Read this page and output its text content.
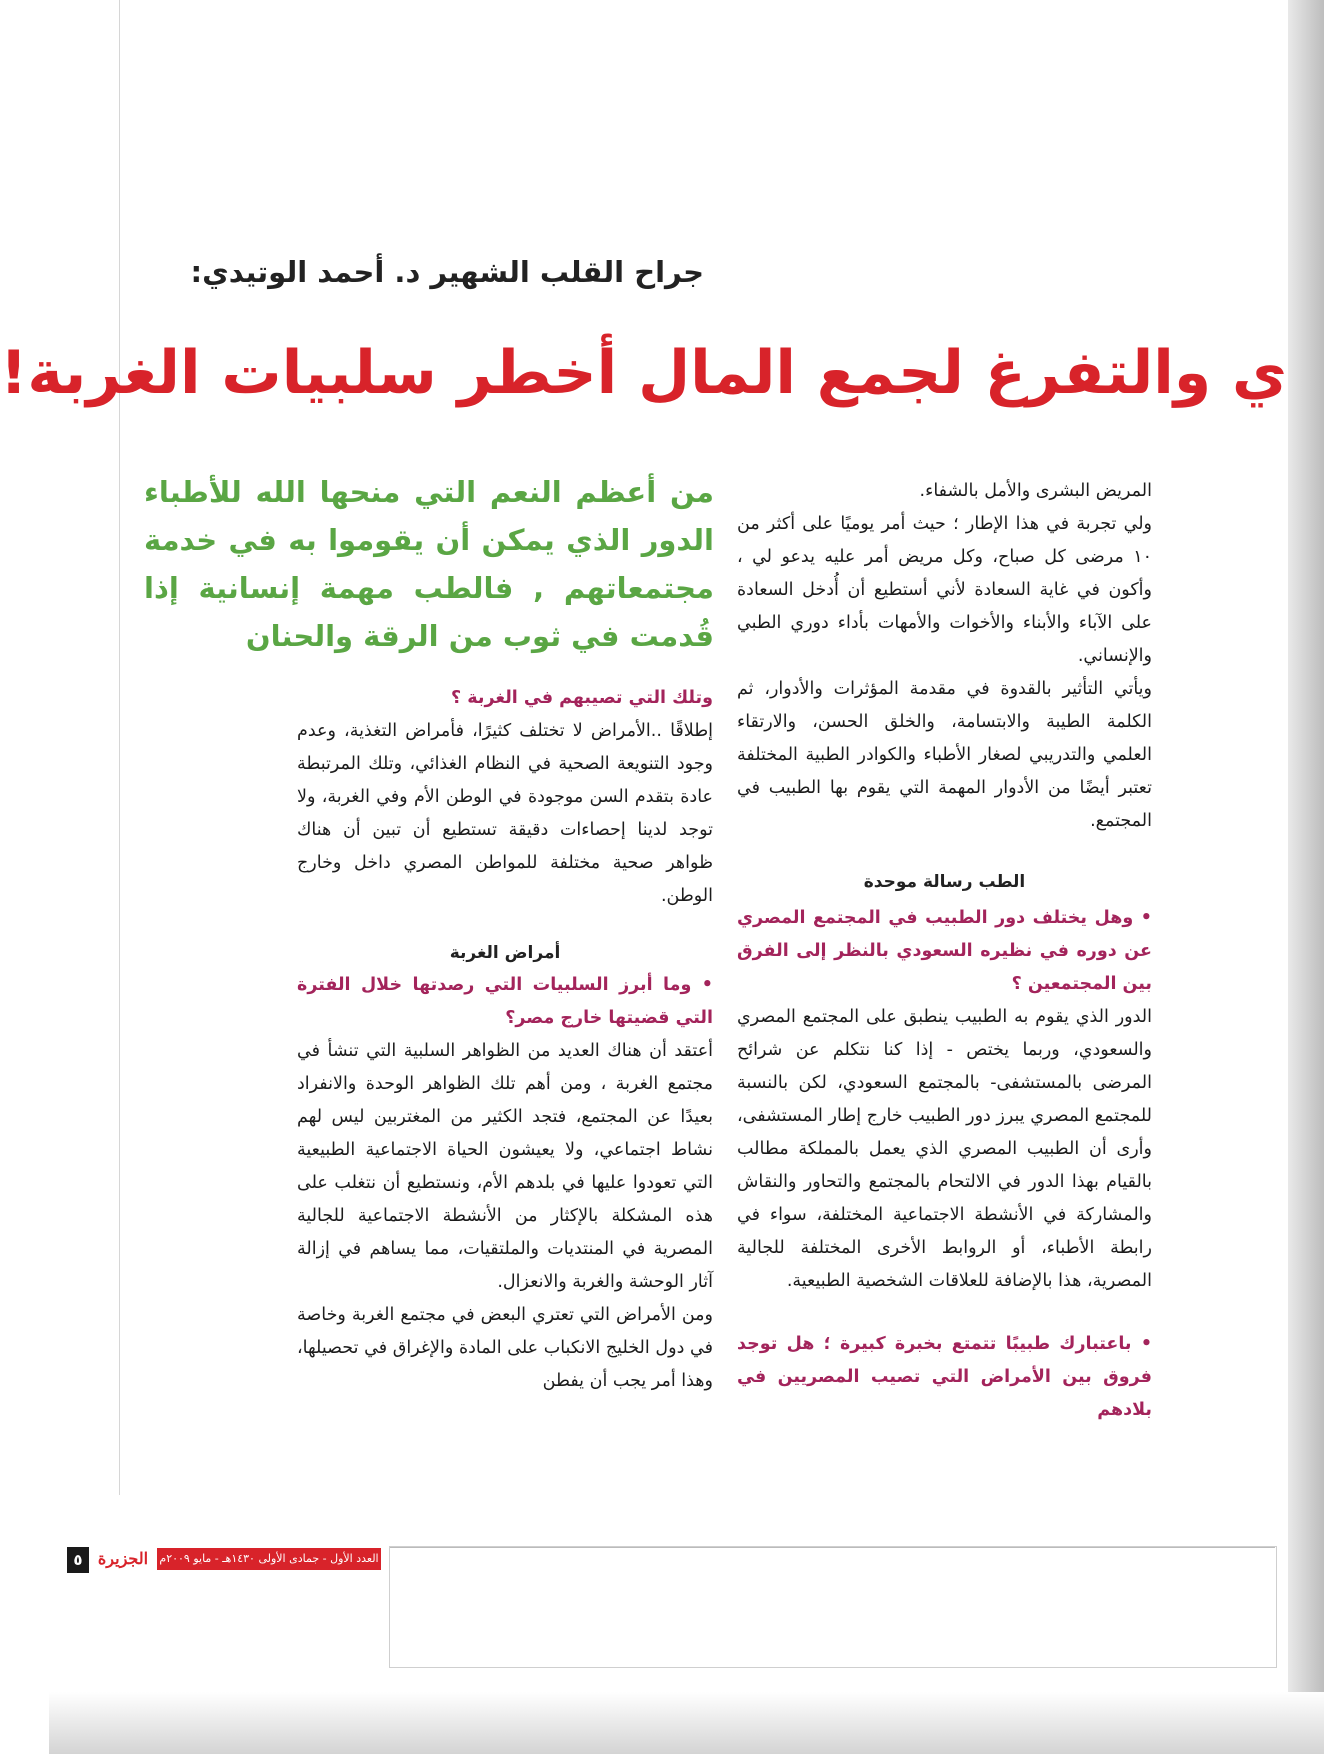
جراح القلب الشهير د. أحمد الوتيدي:
ي والتفرغ لجمع المال أخطر سلبيات الغربة!
من أعظم النعم التي منحها الله للأطباء الدور الذي يمكن أن يقوموا به في خدمة مجتمعاتهم , فالطب مهمة إنسانية إذا قُدمت في ثوب من الرقة والحنان

المريض البشرى والأمل بالشفاء.

ولي تجربة في هذا الإطار ؛ حيث أمر يوميًا على أكثر من ١٠ مرضى كل صباح، وكل مريض أمر عليه يدعو لي ، وأكون في غاية السعادة لأني أستطيع أن أُدخل السعادة على الآباء والأبناء والأخوات والأمهات بأداء دوري الطبي والإنساني.

ويأتي التأثير بالقدوة في مقدمة المؤثرات والأدوار، ثم الكلمة الطيبة والابتسامة، والخلق الحسن، والارتقاء العلمي والتدريبي لصغار الأطباء والكوادر الطبية المختلفة تعتبر أيضًا من الأدوار المهمة التي يقوم بها الطبيب في المجتمع.

الطب رسالة موحدة

• وهل يختلف دور الطبيب في المجتمع المصري عن دوره في نظيره السعودي بالنظر إلى الفرق بين المجتمعين ؟

الدور الذي يقوم به الطبيب ينطبق على المجتمع المصري والسعودي، وربما يختص - إذا كنا نتكلم عن شرائح المرضى بالمستشفى- بالمجتمع السعودي، لكن بالنسبة للمجتمع المصري يبرز دور الطبيب خارج إطار المستشفى، وأرى أن الطبيب المصري الذي يعمل بالمملكة مطالب بالقيام بهذا الدور في الالتحام بالمجتمع والتحاور والنقاش والمشاركة في الأنشطة الاجتماعية المختلفة، سواء في رابطة الأطباء، أو الروابط الأخرى المختلفة للجالية المصرية، هذا بالإضافة للعلاقات الشخصية الطبيعية.

• باعتبارك طبيبًا تتمتع بخبرة كبيرة ؛ هل توجد فروق بين الأمراض التي تصيب المصريين في بلادهم

وتلك التي تصيبهم في الغربة ؟

إطلاقًا ..الأمراض لا تختلف كثيرًا، فأمراض التغذية، وعدم وجود التنويعة الصحية في النظام الغذائي، وتلك المرتبطة عادة بتقدم السن موجودة في الوطن الأم وفي الغربة، ولا توجد لدينا إحصاءات دقيقة تستطيع أن تبين أن هناك ظواهر صحية مختلفة للمواطن المصري داخل وخارج الوطن.

أمراض الغربة

• وما أبرز السلبيات التي رصدتها خلال الفترة التي قضيتها خارج مصر؟

أعتقد أن هناك العديد من الظواهر السلبية التي تنشأ في مجتمع الغربة ، ومن أهم تلك الظواهر الوحدة والانفراد بعيدًا عن المجتمع، فتجد الكثير من المغتربين ليس لهم نشاط اجتماعي، ولا يعيشون الحياة الاجتماعية الطبيعية التي تعودوا عليها في بلدهم الأم، ونستطيع أن نتغلب على هذه المشكلة بالإكثار من الأنشطة الاجتماعية للجالية المصرية في المنتديات والملتقيات، مما يساهم في إزالة آثار الوحشة والغربة والانعزال.

ومن الأمراض التي تعتري البعض في مجتمع الغربة وخاصة في دول الخليج الانكباب على المادة والإغراق في تحصيلها، وهذا أمر يجب أن يفطن

٥ الجزيرة	العدد الأول - جمادى الأولى ١٤٣٠هـ - مايو ٢٠٠٩م
